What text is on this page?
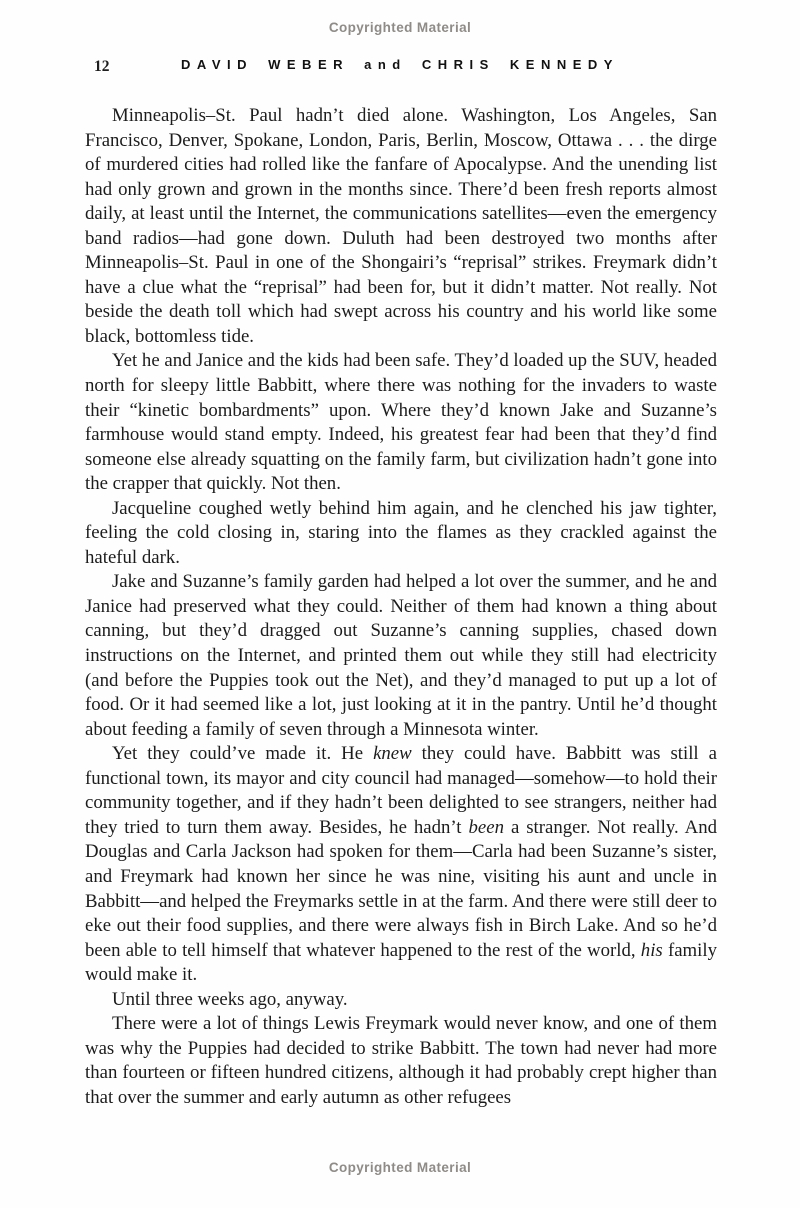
Copyrighted Material
12	DAVID WEBER and CHRIS KENNEDY

Minneapolis–St. Paul hadn’t died alone. Washington, Los Angeles, San Francisco, Denver, Spokane, London, Paris, Berlin, Moscow, Ottawa . . . the dirge of murdered cities had rolled like the fanfare of Apocalypse. And the unending list had only grown and grown in the months since. There’d been fresh reports almost daily, at least until the Internet, the communications satellites—even the emergency band radios—had gone down. Duluth had been destroyed two months after Minneapolis–St. Paul in one of the Shongairi’s “reprisal” strikes. Freymark didn’t have a clue what the “reprisal” had been for, but it didn’t matter. Not really. Not beside the death toll which had swept across his country and his world like some black, bottomless tide.

Yet he and Janice and the kids had been safe. They’d loaded up the SUV, headed north for sleepy little Babbitt, where there was nothing for the invaders to waste their “kinetic bombardments” upon. Where they’d known Jake and Suzanne’s farmhouse would stand empty. Indeed, his greatest fear had been that they’d find someone else already squatting on the family farm, but civilization hadn’t gone into the crapper that quickly. Not then.

Jacqueline coughed wetly behind him again, and he clenched his jaw tighter, feeling the cold closing in, staring into the flames as they crackled against the hateful dark.

Jake and Suzanne’s family garden had helped a lot over the summer, and he and Janice had preserved what they could. Neither of them had known a thing about canning, but they’d dragged out Suzanne’s canning supplies, chased down instructions on the Internet, and printed them out while they still had electricity (and before the Puppies took out the Net), and they’d managed to put up a lot of food. Or it had seemed like a lot, just looking at it in the pantry. Until he’d thought about feeding a family of seven through a Minnesota winter.

Yet they could’ve made it. He knew they could have. Babbitt was still a functional town, its mayor and city council had managed—somehow—to hold their community together, and if they hadn’t been delighted to see strangers, neither had they tried to turn them away. Besides, he hadn’t been a stranger. Not really. And Douglas and Carla Jackson had spoken for them—Carla had been Suzanne’s sister, and Freymark had known her since he was nine, visiting his aunt and uncle in Babbitt—and helped the Freymarks settle in at the farm. And there were still deer to eke out their food supplies, and there were always fish in Birch Lake. And so he’d been able to tell himself that whatever happened to the rest of the world, his family would make it.

Until three weeks ago, anyway.

There were a lot of things Lewis Freymark would never know, and one of them was why the Puppies had decided to strike Babbitt. The town had never had more than fourteen or fifteen hundred citizens, although it had probably crept higher than that over the summer and early autumn as other refugees

Copyrighted Material
